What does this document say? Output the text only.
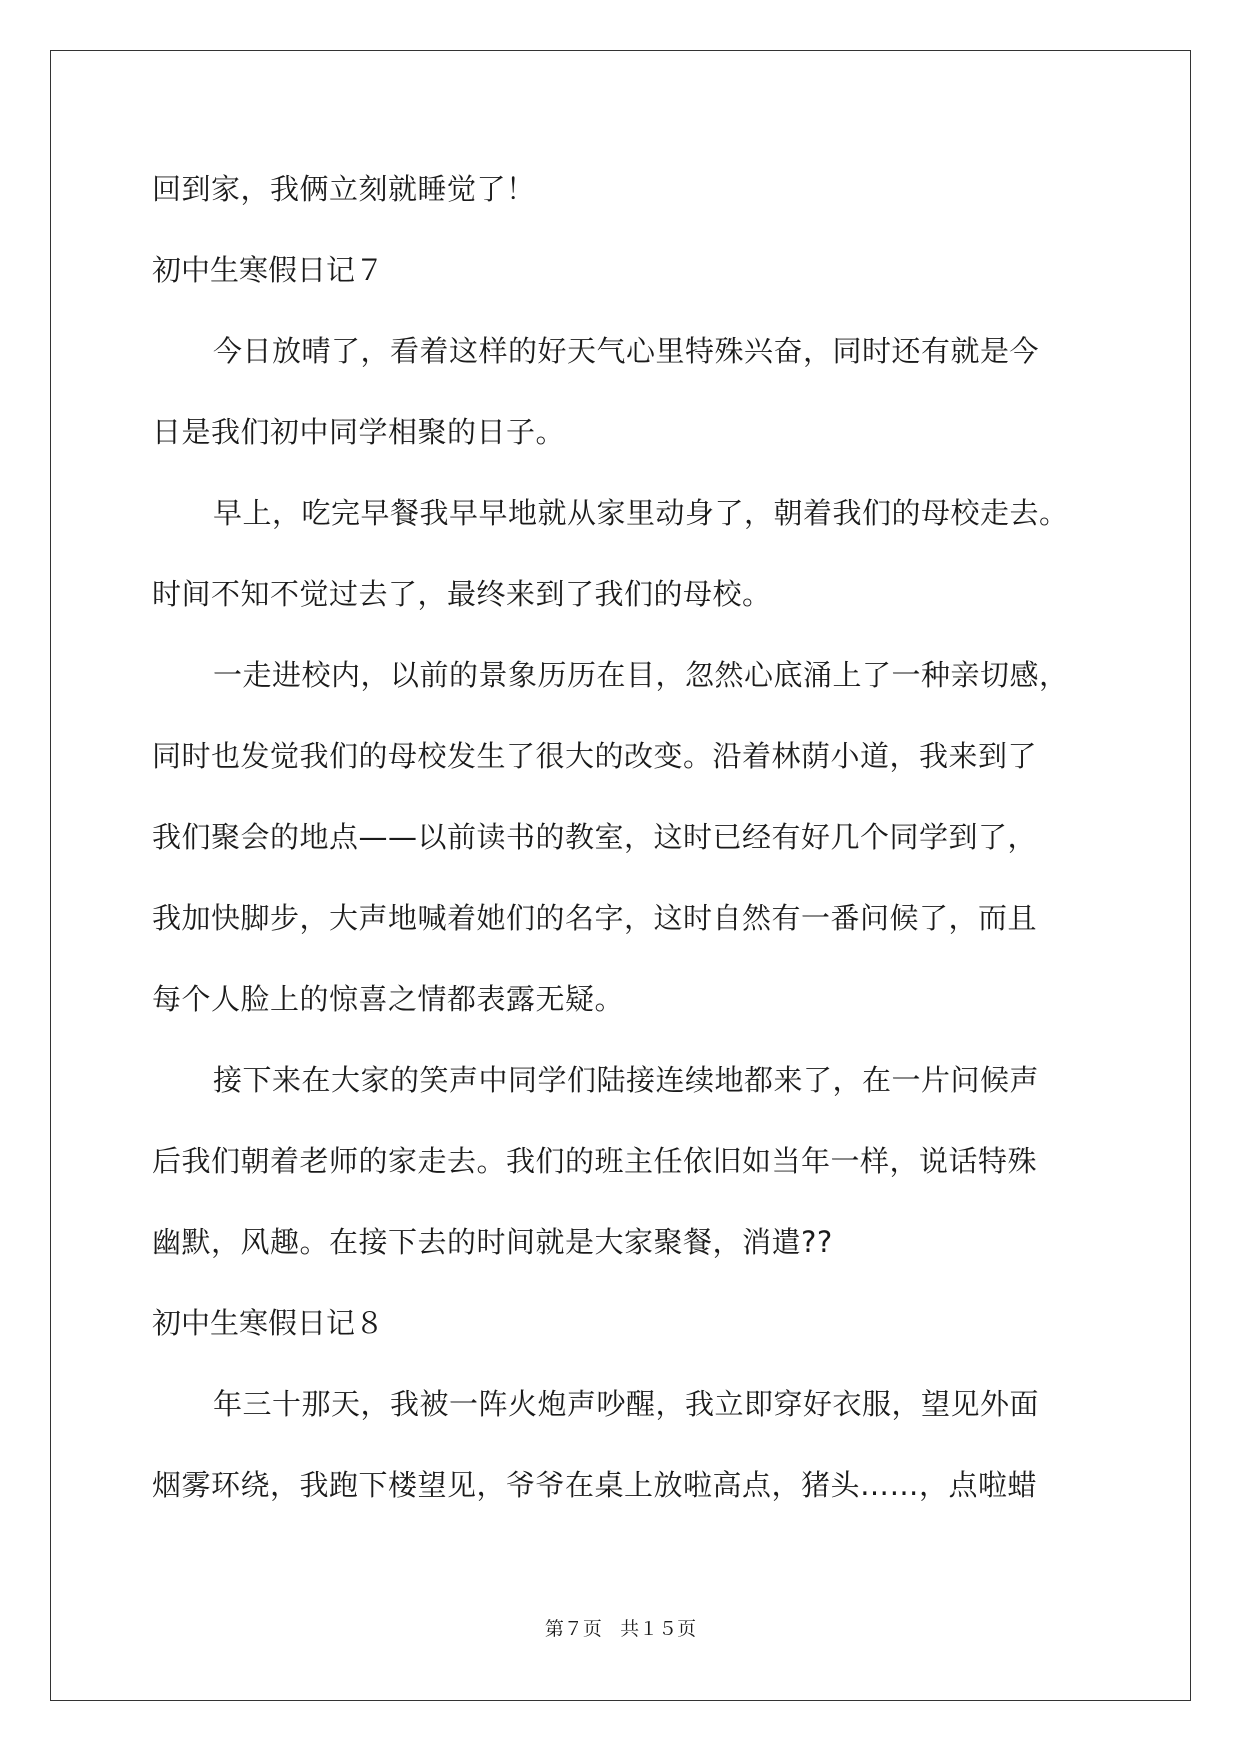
回到家，我俩立刻就睡觉了！
初中生寒假日记７
今日放晴了，看着这样的好天气心里特殊兴奋，同时还有就是今
日是我们初中同学相聚的日子。
早上，吃完早餐我早早地就从家里动身了，朝着我们的母校走去。
时间不知不觉过去了，最终来到了我们的母校。
一走进校内，以前的景象历历在目，忽然心底涌上了一种亲切感，
同时也发觉我们的母校发生了很大的改变。沿着林荫小道，我来到了
我们聚会的地点——以前读书的教室，这时已经有好几个同学到了，
我加快脚步，大声地喊着她们的名字，这时自然有一番问候了，而且
每个人脸上的惊喜之情都表露无疑。
接下来在大家的笑声中同学们陆接连续地都来了，在一片问候声
后我们朝着老师的家走去。我们的班主任依旧如当年一样，说话特殊
幽默，风趣。在接下去的时间就是大家聚餐，消遣??
初中生寒假日记８
年三十那天，我被一阵火炮声吵醒，我立即穿好衣服，望见外面
烟雾环绕，我跑下楼望见，爷爷在桌上放啦高点，猪头……，点啦蜡
第７页 共１５页
